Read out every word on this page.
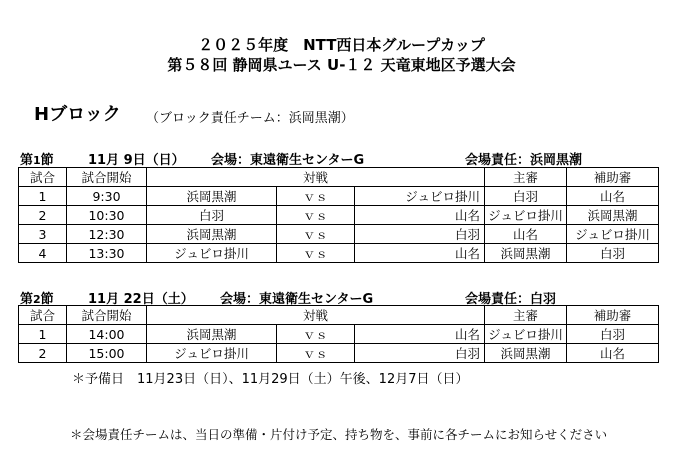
２０２５年度　NTT西日本グループカップ
第５８回 静岡県ユース U-１２ 天竜東地区予選大会
Hブロック （ブロック責任チーム：浜岡黒潮）
第1節	11月 9日（日） 会場：東遠衛生センターG	会場責任：浜岡黒潮
試合	試合開始	対戦			主審	補助審
1	9:30	浜岡黒潮	ｖｓ	ジュビロ掛川	白羽	山名
2	10:30	白羽	ｖｓ	山名	ジュビロ掛川	浜岡黒潮
3	12:30	浜岡黒潮	ｖｓ	白羽	山名	ジュビロ掛川
4	13:30	ジュビロ掛川	ｖｓ	山名	浜岡黒潮	白羽
第2節	11月 22日（土） 会場：東遠衛生センターG	会場責任：白羽
試合	試合開始	対戦			主審	補助審
1	14:00	浜岡黒潮	ｖｓ	山名	ジュビロ掛川	白羽
2	15:00	ジュビロ掛川	ｖｓ	白羽	浜岡黒潮	山名
＊予備日　11月23日（日）、11月29日（土）午後、12月7日（日）
＊会場責任チームは、当日の準備・片付け予定、持ち物を、事前に各チームにお知らせください
